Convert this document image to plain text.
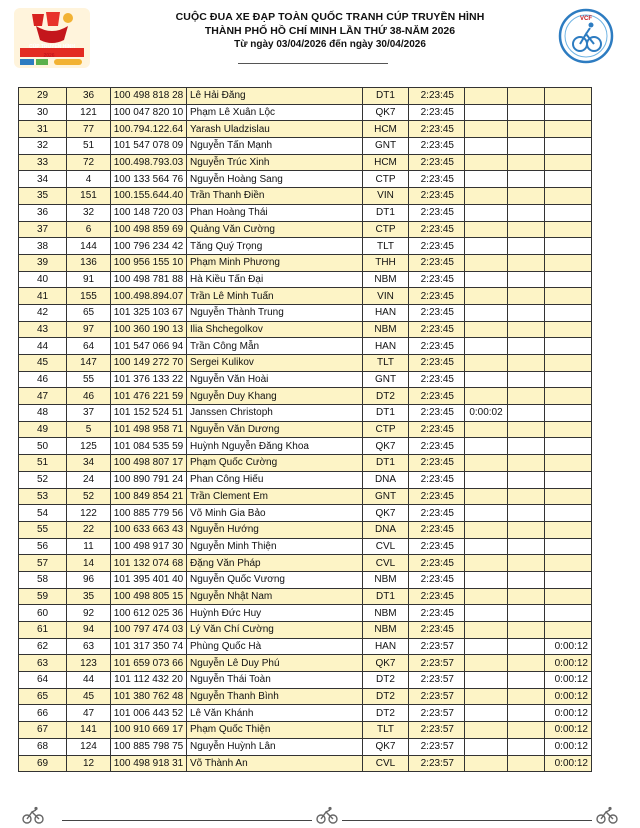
CÚP TRUYỀN HÌNH
2026
CUỘC ĐUA XE ĐẠP TOÀN QUỐC TRANH CÚP TRUYỀN HÌNH
THÀNH PHỐ HỒ CHÍ MINH LẦN THỨ 38-NĂM 2026
Từ ngày 03/04/2026 đến ngày 30/04/2026
VCF
29	36	100 498 818 28	Lê Hải Đăng	DT1	2:23:45			
30	121	100 047 820 10	Phạm Lê Xuân Lộc	QK7	2:23:45			
31	77	100.794.122.64	Yarash Uladzislau	HCM	2:23:45			
32	51	101 547 078 09	Nguyễn Tấn Mạnh	GNT	2:23:45			
33	72	100.498.793.03	Nguyễn Trúc Xinh	HCM	2:23:45			
34	4	100 133 564 76	Nguyễn Hoàng Sang	CTP	2:23:45			
35	151	100.155.644.40	Trần Thanh Điền	VIN	2:23:45			
36	32	100 148 720 03	Phan Hoàng Thái	DT1	2:23:45			
37	6	100 498 859 69	Quảng Văn Cường	CTP	2:23:45			
38	144	100 796 234 42	Tăng Quý Trọng	TLT	2:23:45			
39	136	100 956 155 10	Phạm Minh Phương	THH	2:23:45			
40	91	100 498 781 88	Hà Kiều Tấn Đại	NBM	2:23:45			
41	155	100.498.894.07	Trần Lê Minh Tuấn	VIN	2:23:45			
42	65	101 325 103 67	Nguyễn Thành Trung	HAN	2:23:45			
43	97	100 360 190 13	Ilia Shchegolkov	NBM	2:23:45			
44	64	101 547 066 94	Trần Công Mẫn	HAN	2:23:45			
45	147	100 149 272 70	Sergei Kulikov	TLT	2:23:45			
46	55	101 376 133 22	Nguyễn Văn Hoài	GNT	2:23:45			
47	46	101 476 221 59	Nguyễn Duy Khang	DT2	2:23:45			
48	37	101 152 524 51	Janssen Christoph	DT1	2:23:45	0:00:02		
49	5	101 498 958 71	Nguyễn Văn Dương	CTP	2:23:45			
50	125	101 084 535 59	Huỳnh Nguyễn Đăng Khoa	QK7	2:23:45			
51	34	100 498 807 17	Phạm Quốc Cường	DT1	2:23:45			
52	24	100 890 791 24	Phan Công Hiếu	DNA	2:23:45			
53	52	100 849 854 21	Trần Clement Em	GNT	2:23:45			
54	122	100 885 779 56	Võ Minh Gia Bảo	QK7	2:23:45			
55	22	100 633 663 43	Nguyễn Hướng	DNA	2:23:45			
56	11	100 498 917 30	Nguyễn Minh Thiện	CVL	2:23:45			
57	14	101 132 074 68	Đặng Văn Pháp	CVL	2:23:45			
58	96	101 395 401 40	Nguyễn Quốc Vương	NBM	2:23:45			
59	35	100 498 805 15	Nguyễn Nhật Nam	DT1	2:23:45			
60	92	100 612 025 36	Huỳnh Đức Huy	NBM	2:23:45			
61	94	100 797 474 03	Lý Văn Chí Cường	NBM	2:23:45			
62	63	101 317 350 74	Phùng Quốc Hà	HAN	2:23:57			0:00:12
63	123	101 659 073 66	Nguyễn Lê Duy Phú	QK7	2:23:57			0:00:12
64	44	101 112 432 20	Nguyễn Thái Toàn	DT2	2:23:57			0:00:12
65	45	101 380 762 48	Nguyễn Thanh Bình	DT2	2:23:57			0:00:12
66	47	101 006 443 52	Lê Văn Khánh	DT2	2:23:57			0:00:12
67	141	100 910 669 17	Phạm Quốc Thiện	TLT	2:23:57			0:00:12
68	124	100 885 798 75	Nguyễn Huỳnh Lân	QK7	2:23:57			0:00:12
69	12	100 498 918 31	Võ Thành An	CVL	2:23:57			0:00:12
